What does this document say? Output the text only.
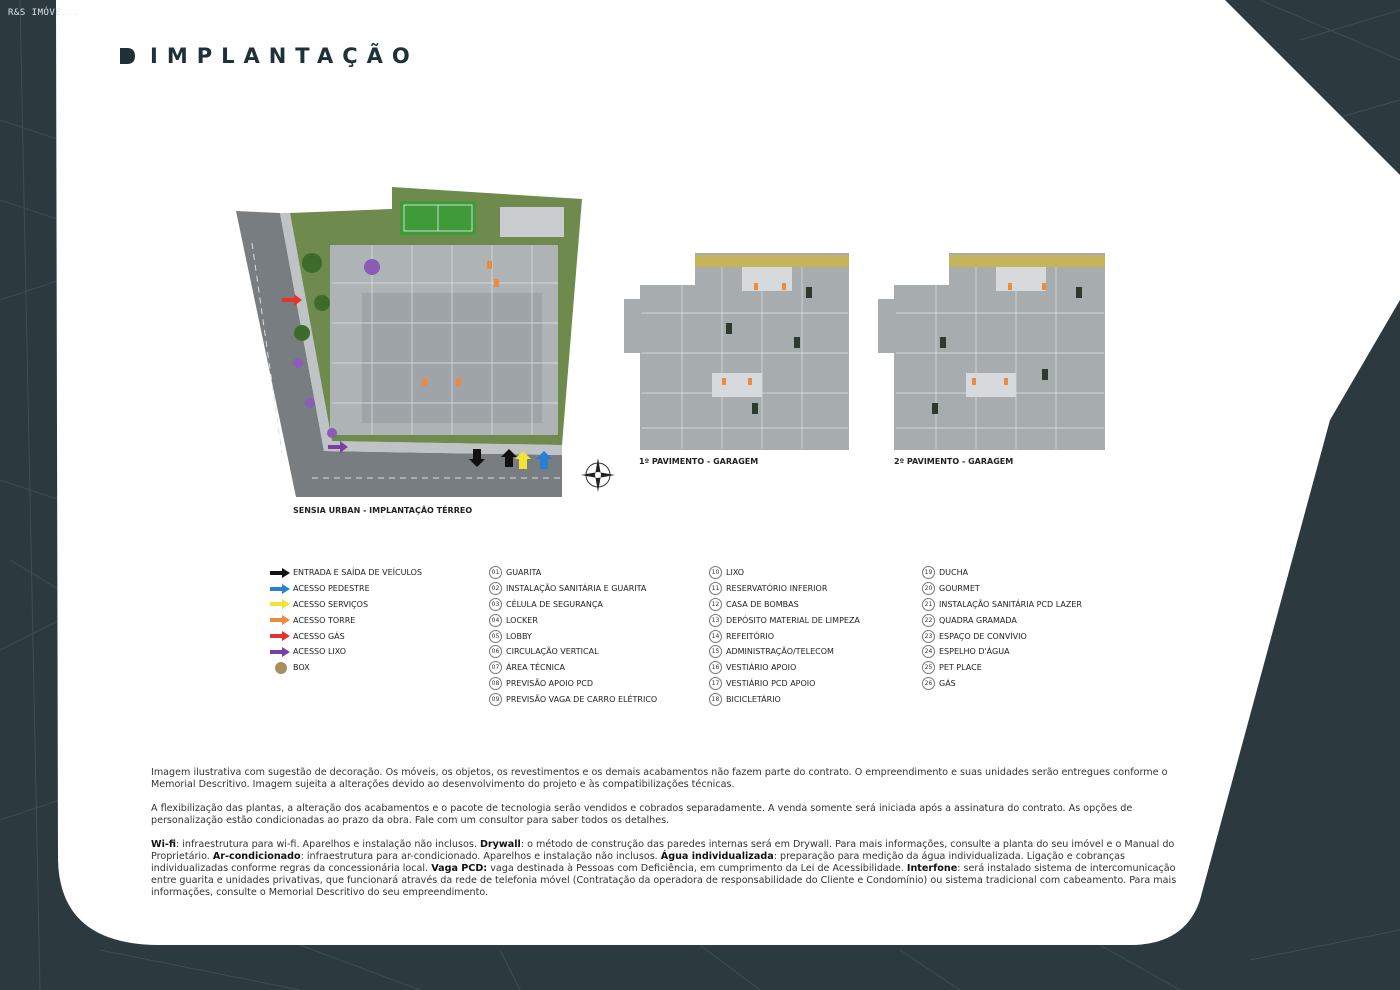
R&S IMÓVE...
IMPLANTAÇÃO
SENSIA URBAN - IMPLANTAÇÃO TÉRREO
1º PAVIMENTO - GARAGEM	2º PAVIMENTO - GARAGEM
ENTRADA E SAÍDA DE VEÍCULOS
ACESSO PEDESTRE
ACESSO SERVIÇOS
ACESSO TORRE
ACESSO GÁS
ACESSO LIXO
BOX
01 GUARITA
02 INSTALAÇÃO SANITÁRIA E GUARITA
03 CÉLULA DE SEGURANÇA
04 LOCKER
05 LOBBY
06 CIRCULAÇÃO VERTICAL
07 ÁREA TÉCNICA
08 PREVISÃO APOIO PCD
09 PREVISÃO VAGA DE CARRO ELÉTRICO
10 LIXO
11 RESERVATÓRIO INFERIOR
12 CASA DE BOMBAS
13 DEPÓSITO MATERIAL DE LIMPEZA
14 REFEITÓRIO
15 ADMINISTRAÇÃO/TELECOM
16 VESTIÁRIO APOIO
17 VESTIÁRIO PCD APOIO
18 BICICLETÁRIO
19 DUCHA
20 GOURMET
21 INSTALAÇÃO SANITÁRIA PCD LAZER
22 QUADRA GRAMADA
23 ESPAÇO DE CONVÍVIO
24 ESPELHO D'ÁGUA
25 PET PLACE
26 GÁS

Imagem ilustrativa com sugestão de decoração. Os móveis, os objetos, os revestimentos e os demais acabamentos não fazem parte do contrato. O empreendimento e suas unidades serão entregues conforme o Memorial Descritivo. Imagem sujeita a alterações devido ao desenvolvimento do projeto e às compatibilizações técnicas.

A flexibilização das plantas, a alteração dos acabamentos e o pacote de tecnologia serão vendidos e cobrados separadamente. A venda somente será iniciada após a assinatura do contrato. As opções de personalização estão condicionadas ao prazo da obra. Fale com um consultor para saber todos os detalhes.

Wi-fi: infraestrutura para wi-fi. Aparelhos e instalação não inclusos. Drywall: o método de construção das paredes internas será em Drywall. Para mais informações, consulte a planta do seu imóvel e o Manual do Proprietário. Ar-condicionado: infraestrutura para ar-condicionado. Aparelhos e instalação não inclusos. Água individualizada: preparação para medição da água individualizada. Ligação e cobranças individualizadas conforme regras da concessionária local. Vaga PCD: vaga destinada à Pessoas com Deficiência, em cumprimento da Lei de Acessibilidade. Interfone: será instalado sistema de intercomunicação entre guarita e unidades privativas, que funcionará através da rede de telefonia móvel (Contratação da operadora de responsabilidade do Cliente e Condomínio) ou sistema tradicional com cabeamento. Para mais informações, consulte o Memorial Descritivo do seu empreendimento.
